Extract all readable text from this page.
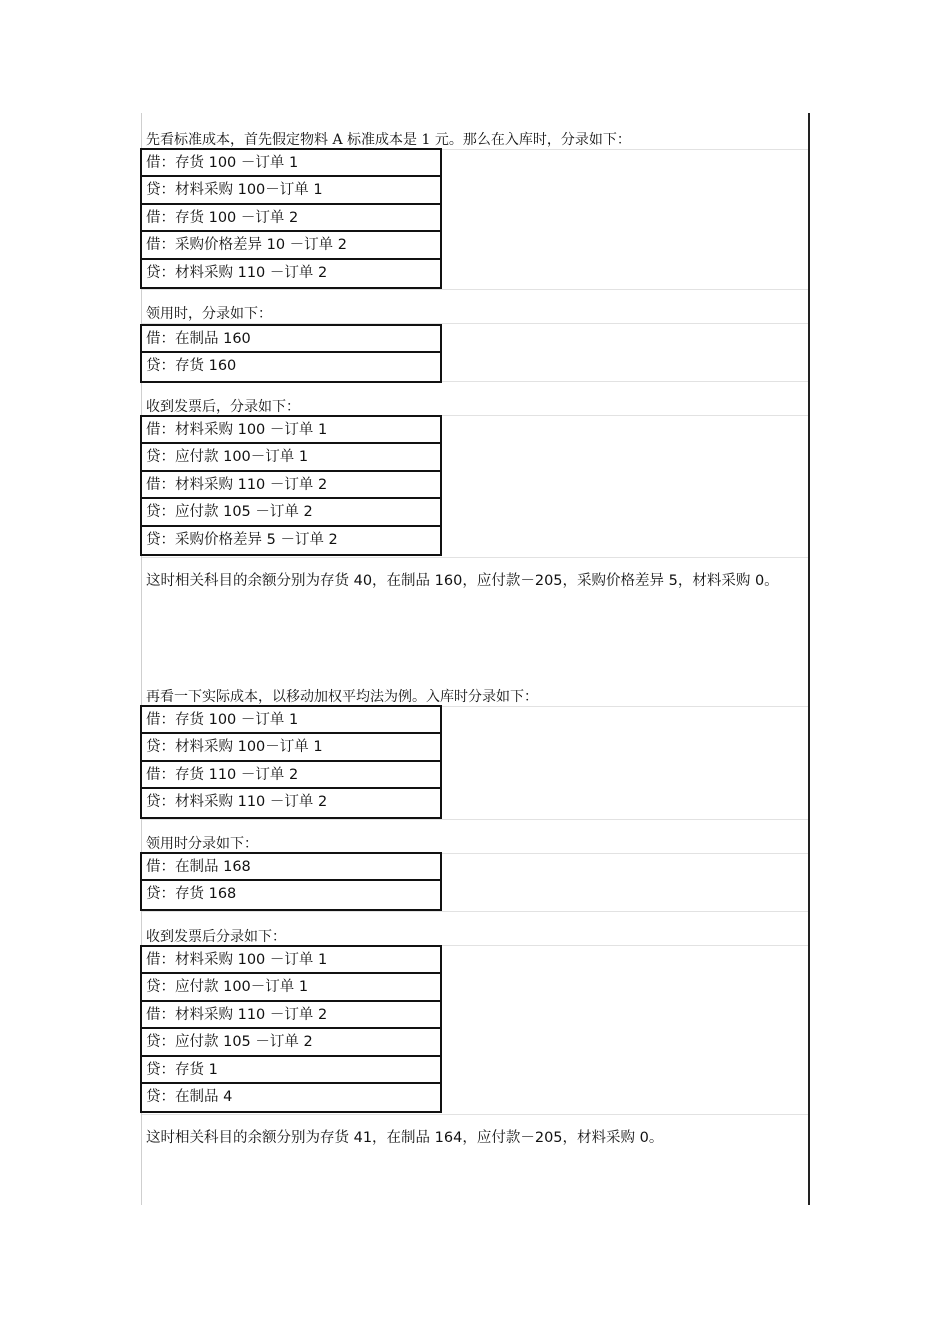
先看标准成本，首先假定物料 A 标准成本是 1 元。那么在入库时，分录如下：
借：存货 100 －订单 1
贷：材料采购 100－订单 1
借：存货 100 －订单 2
借：采购价格差异 10 －订单 2
贷：材料采购 110 －订单 2
领用时，分录如下：
借：在制品 160
贷：存货 160
收到发票后，分录如下：
借：材料采购 100 －订单 1
贷：应付款 100－订单 1
借：材料采购 110 －订单 2
贷：应付款 105 －订单 2
贷：采购价格差异 5 －订单 2
这时相关科目的余额分别为存货 40，在制品 160，应付款－205，采购价格差异 5，材料采购 0。
再看一下实际成本，以移动加权平均法为例。入库时分录如下：
借：存货 100 －订单 1
贷：材料采购 100－订单 1
借：存货 110 －订单 2
贷：材料采购 110 －订单 2
领用时分录如下：
借：在制品 168
贷：存货 168
收到发票后分录如下：
借：材料采购 100 －订单 1
贷：应付款 100－订单 1
借：材料采购 110 －订单 2
贷：应付款 105 －订单 2
贷：存货 1
贷：在制品 4
这时相关科目的余额分别为存货 41，在制品 164，应付款－205，材料采购 0。
